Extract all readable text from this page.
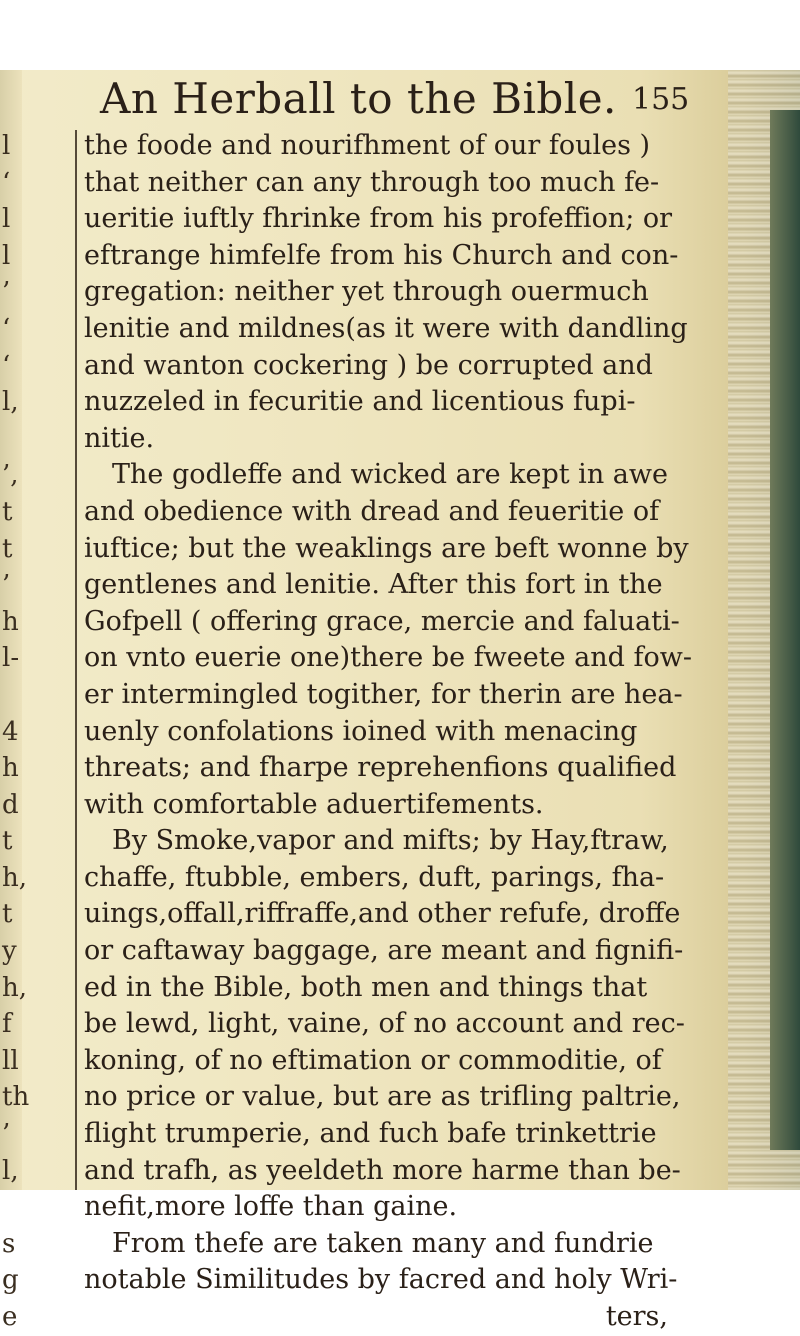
l
‘
l
l
’
‘
‘
l,
’,
t
t
’
h
l-
4
h
d
t
h,
t
y
h,
f
ll
th
’
l,
s
g
e
An Herball to the Bible. 155
the foode and nourifhment of our foules )
that neither can any through too much fe-
ueritie iuftly fhrinke from his profeffion; or
eftrange himfelfe from his Church and con-
gregation: neither yet through ouermuch
lenitie and mildnes(as it were with dandling
and wanton cockering ) be corrupted and
nuzzeled in fecuritie and licentious fupi-
nitie.
The godleffe and wicked are kept in awe
and obedience with dread and feueritie of
iuftice; but the weaklings are beft wonne by
gentlenes and lenitie. After this fort in the
Gofpell ( offering grace, mercie and faluati-
on vnto euerie one)there be fweete and fow-
er intermingled togither, for therin are hea-
uenly confolations ioined with menacing
threats; and fharpe reprehenfions qualified
with comfortable aduertifements.
By Smoke,vapor and mifts; by Hay,ftraw,
chaffe, ftubble, embers, duft, parings, fha-
uings,offall,riffraffe,and other refufe, droffe
or caftaway baggage, are meant and fignifi-
ed in the Bible, both men and things that
be lewd, light, vaine, of no account and rec-
koning, of no eftimation or commoditie, of
no price or value, but are as trifling paltrie,
flight trumperie, and fuch bafe trinkettrie
and trafh, as yeeldeth more harme than be-
nefit,more loffe than gaine.
From thefe are taken many and fundrie
notable Similitudes by facred and holy Wri-
ters,
